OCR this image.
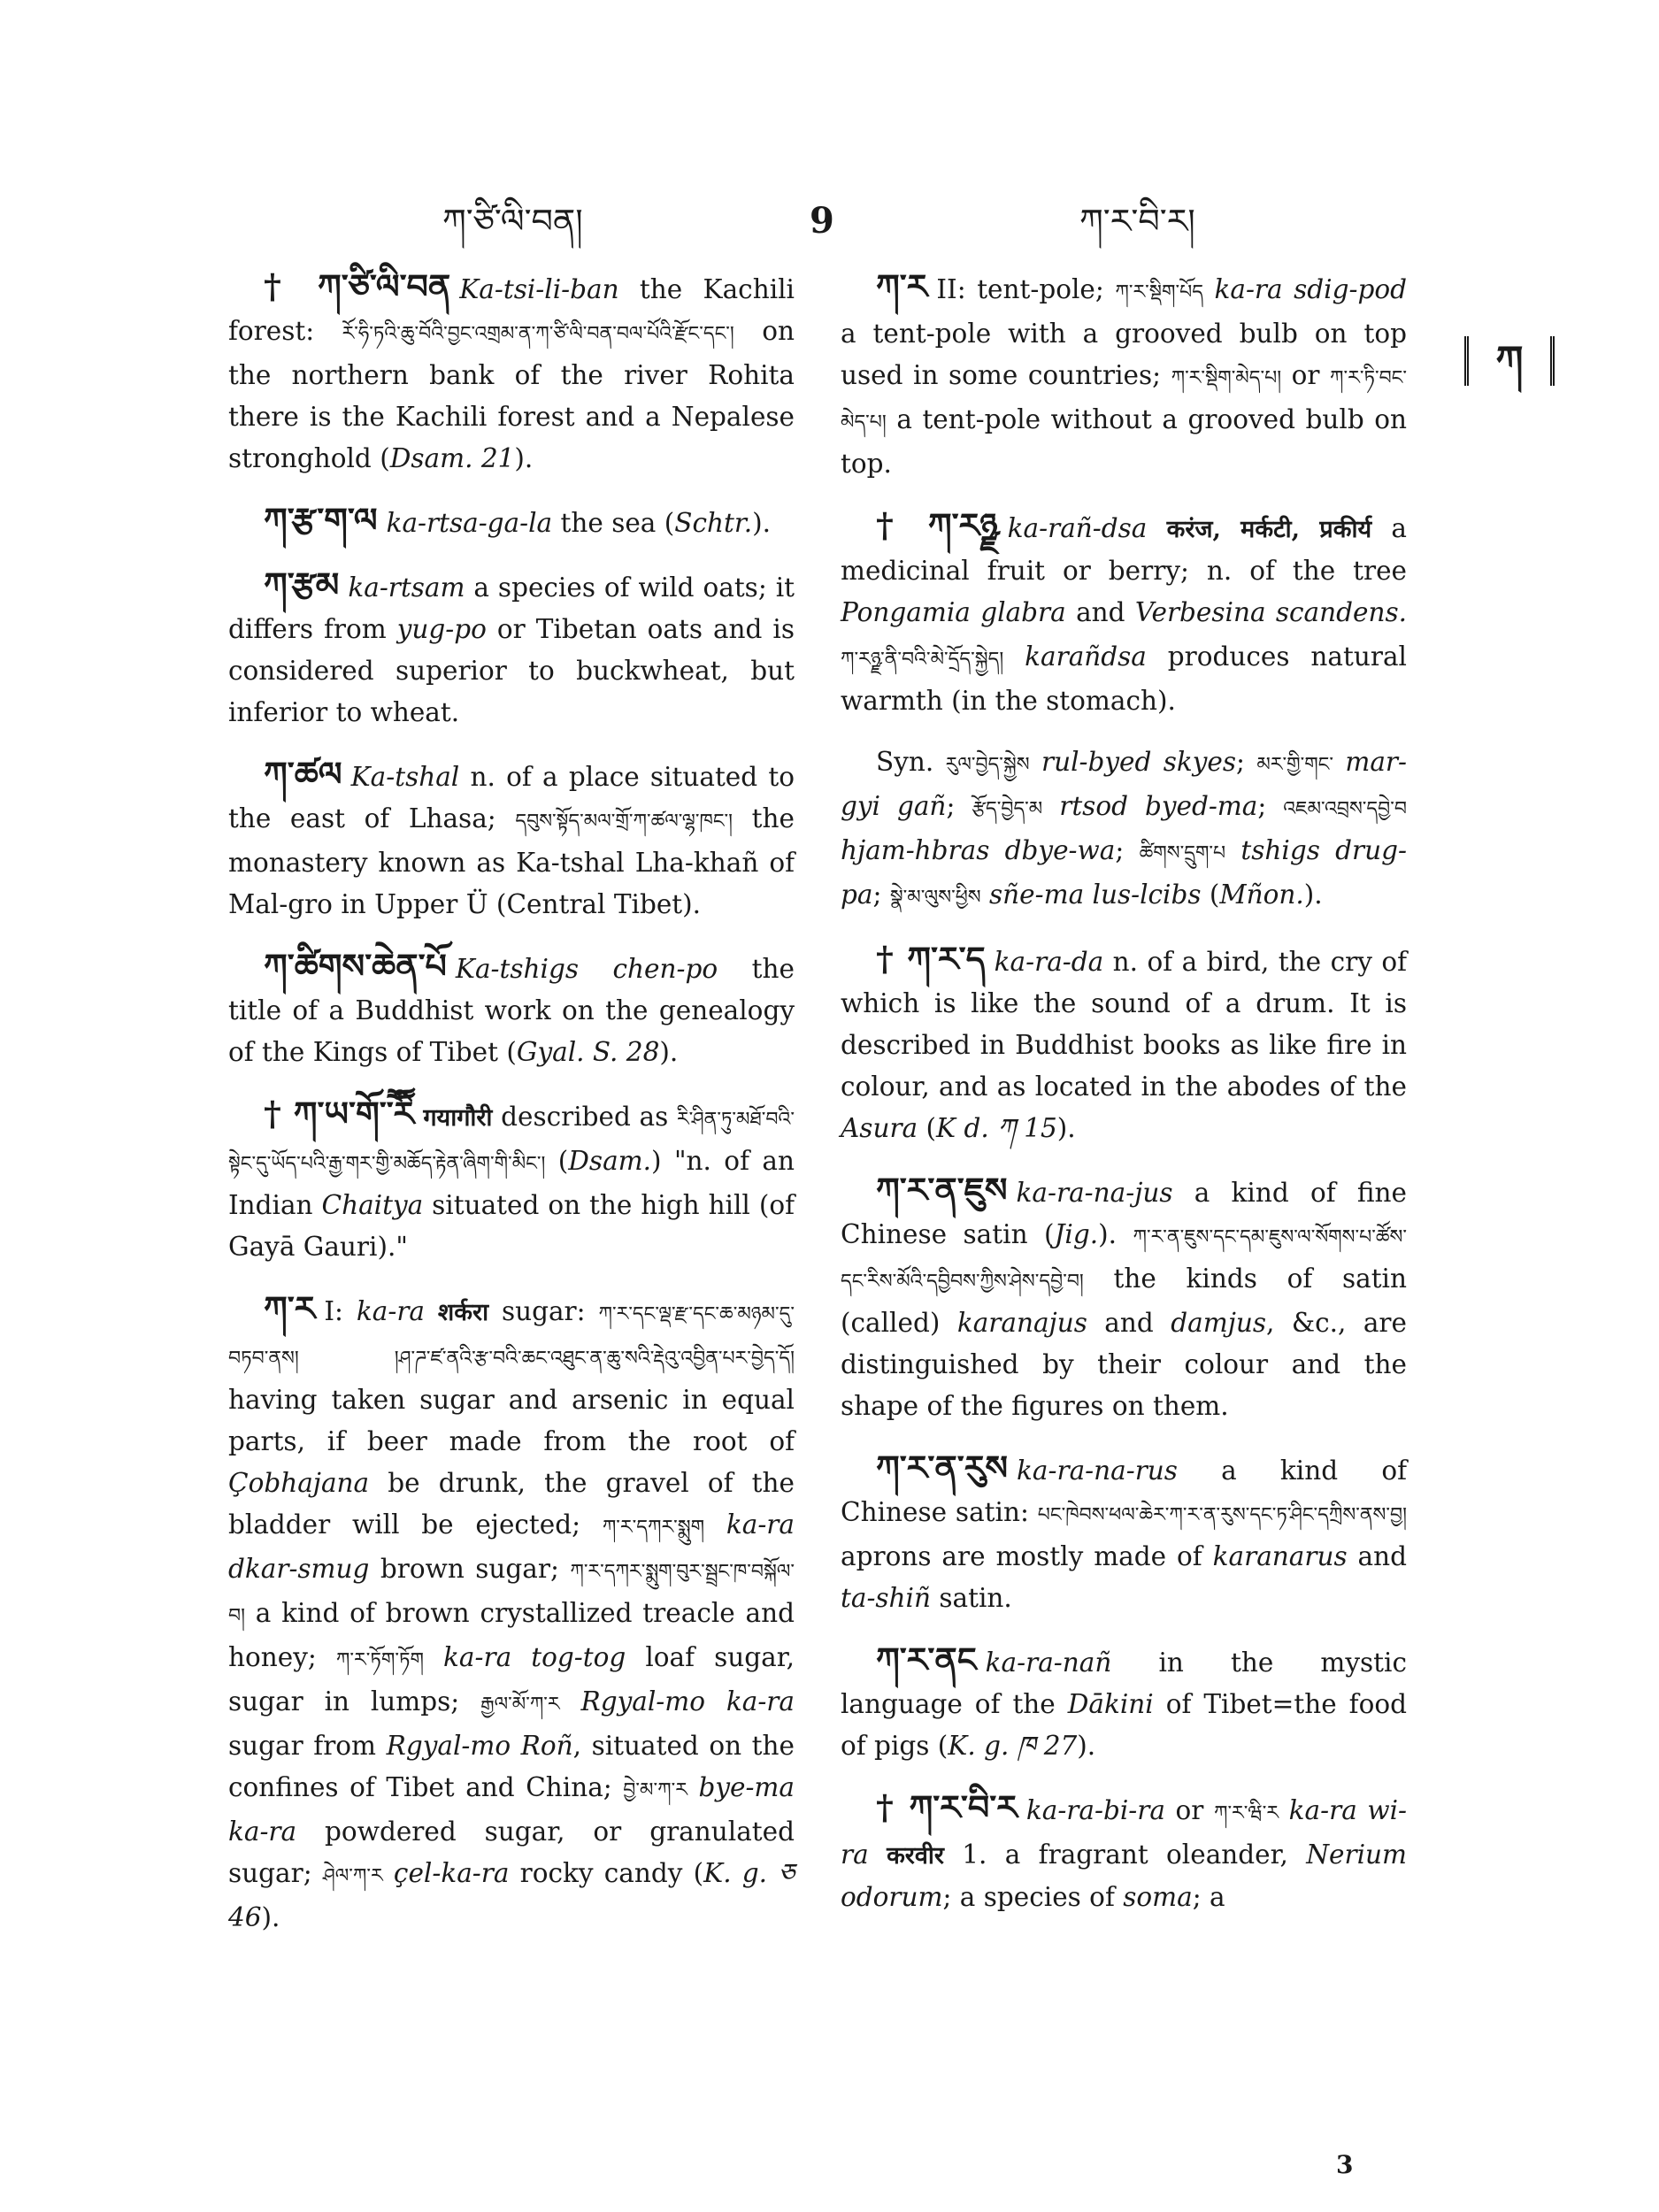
ཀ་ཙི་ལི་བན།	9	ཀ་ར་བི་ར།

† ཀ་ཙི་ལི་བན Ka-tsi-li-ban the Kachili forest: རོ་ཧི་ཏའི་ཆུ་བོའི་བྱང་འགྲམ་ན་ཀ་ཙི་ལི་བན་བལ་པོའི་རྫོང་དང་། on the northern bank of the river Rohita there is the Kachili forest and a Nepalese stronghold (Dsam. 21).

ཀ་རྩ་ག་ལ ka-rtsa-ga-la the sea (Schtr.).

ཀ་རྩམ ka-rtsam a species of wild oats; it differs from yug-po or Tibetan oats and is considered superior to buckwheat, but inferior to wheat.

ཀ་ཚལ Ka-tshal n. of a place situated to the east of Lhasa; དབུས་སྟོད་མལ་གྲོ་ཀ་ཚལ་ལྷ་ཁང་། the monastery known as Ka-tshal Lha-khañ of Mal-gro in Upper Ü (Central Tibet).

ཀ་ཚིགས་ཆེན་པོ Ka-tshigs chen-po the title of a Buddhist work on the genealogy of the Kings of Tibet (Gyal. S. 28).

† ཀ་ཡ་གོ་ཽ་རི गयागौरी described as རི་ཤིན་ཏུ་མཐོ་བའི་སྟེང་དུ་ཡོད་པའི་རྒྱ་གར་གྱི་མཆོད་རྟེན་ཞིག་གི་མིང་། (Dsam.) "n. of an Indian Chaitya situated on the high hill (of Gayā Gauri)."

ཀ་ར I: ka-ra शर्करा sugar: ཀ་ར་དང་ལྡ་རྫ་དང་ཆ་མཉམ་དུ་བཏབ་ནས། །ཤ་ཌ་ཛ་ནའི་རྩ་བའི་ཆང་འཐུང་ན་ཆུ་སའི་རྡེའུ་འབྱིན་པར་བྱེད་དོ། having taken sugar and arsenic in equal parts, if beer made from the root of Çobhajana be drunk, the gravel of the bladder will be ejected; ཀ་ར་དཀར་སྨུག ka-ra dkar-smug brown sugar; ཀ་ར་དཀར་སྨུག་བུར་སྦྲང་ཁ་བསྐོལ་བ། a kind of brown crystallized treacle and honey; ཀ་ར་ཏོག་ཏོག ka-ra tog-tog loaf sugar, sugar in lumps; རྒྱལ་མོ་ཀ་ར Rgyal-mo ka-ra sugar from Rgyal-mo Roñ, situated on the confines of Tibet and China; བྱེ་མ་ཀ་ར bye-ma ka-ra powdered sugar, or granulated sugar; ཤེལ་ཀ་ར çel-ka-ra rocky candy (K. g. ཅ 46).

ཀ་ར II: tent-pole; ཀ་ར་སྡིག་པོད ka-ra sdig-pod a tent-pole with a grooved bulb on top used in some countries; ཀ་ར་སྡིག་མེད་པ། or ཀ་ར་ཏི་བང་མེད་པ། a tent-pole without a grooved bulb on top.

† ཀ་རཉྫ ka-rañ-dsa करंज, मर्कटी, प्रकीर्य a medicinal fruit or berry; n. of the tree Pongamia glabra and Verbesina scandens. ཀ་རཉྫ་ནི་བའི་མེ་དྲོད་སྐྱེད། karañdsa produces natural warmth (in the stomach).

Syn. རུལ་བྱེད་སྐྱེས rul-byed skyes; མར་གྱི་གང་ mar-gyi gañ; རྩོད་བྱེད་མ rtsod byed-ma; འཇམ་འབྲས་དབྱེ་བ hjam-hbras dbye-wa; ཚིགས་དྲུག་པ tshigs drug-pa; སྣེ་མ་ལུས་ཕྱིས sñe-ma lus-lcibs (Mñon.).

† ཀ་ར་ད ka-ra-da n. of a bird, the cry of which is like the sound of a drum. It is described in Buddhist books as like fire in colour, and as located in the abodes of the Asura (K d. ཀ 15).

ཀ་ར་ན་ཇུས ka-ra-na-jus a kind of fine Chinese satin (Jig.). ཀ་ར་ན་ཇུས་དང་དམ་ཇུས་ལ་སོགས་པ་ཚོས་དང་རིས་མོའི་དབྱིབས་ཀྱིས་ཤེས་དབྱེ་བ། the kinds of satin (called) karanajus and damjus, &c., are distinguished by their colour and the shape of the figures on them.

ཀ་ར་ན་རུས ka-ra-na-rus a kind of Chinese satin: པང་ཁེབས་ཕལ་ཆེར་ཀ་ར་ན་རུས་དང་ཏ་ཤིང་དཀྲིས་ནས་བྱ། aprons are mostly made of karanarus and ta-shiñ satin.

ཀ་ར་ནང ka-ra-nañ in the mystic language of the Dākini of Tibet=the food of pigs (K. g. ཁ 27).

† ཀ་ར་བི་ར ka-ra-bi-ra or ཀ་ར་ཝི་ར ka-ra wi-ra करवीर 1. a fragrant oleander, Nerium odorum; a species of soma; a

ཀ
3
